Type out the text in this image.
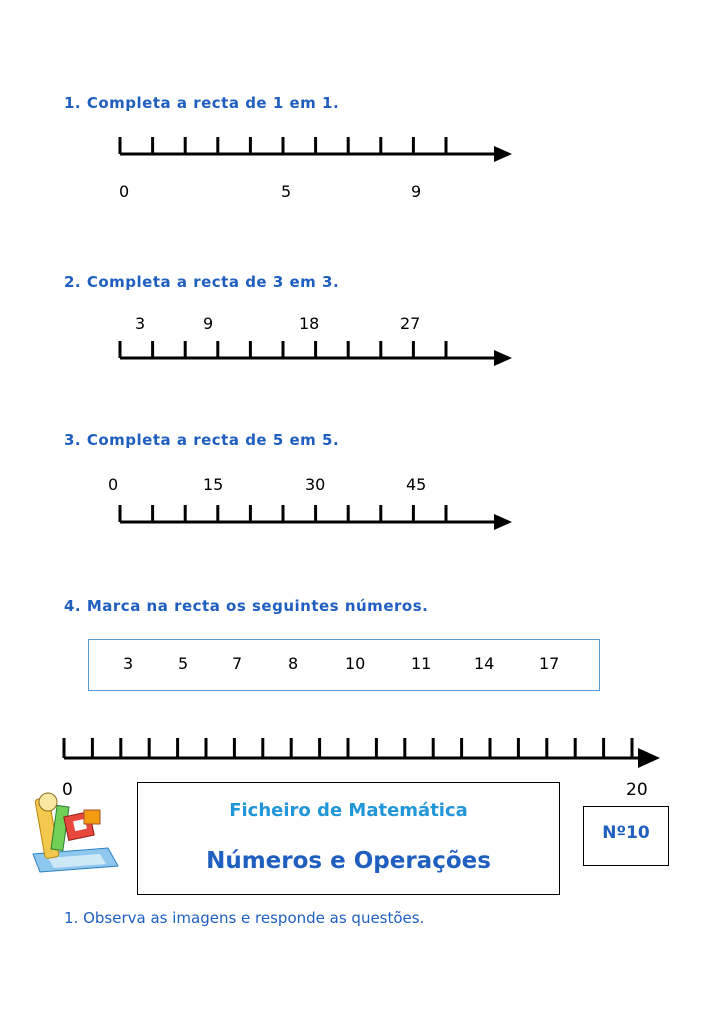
1. Completa a recta de 1 em 1.
0	5	9
2. Completa a recta de 3 em 3.
3	9	18	27
3. Completa a recta de 5 em 5.
0	15	30	45
4. Marca na recta os seguintes números.
3	5	7	8	10	11	14	17
0	20
Ficheiro de Matemática
Números e Operações
Nº10
1. Observa as imagens e responde as questões.
